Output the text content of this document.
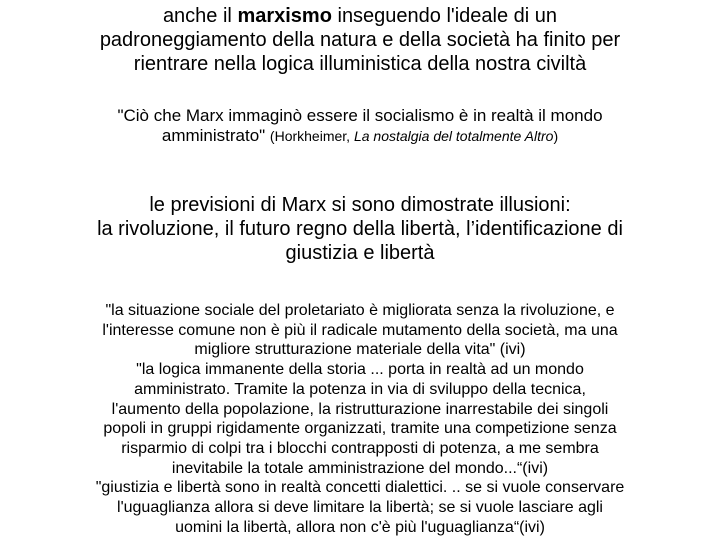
anche il marxismo inseguendo l'ideale di un
padroneggiamento della natura e della società ha finito per
rientrare nella logica illuministica della nostra civiltà
"Ciò che Marx immaginò essere il socialismo è in realtà il mondo
amministrato" (Horkheimer, La nostalgia del totalmente Altro)
le previsioni di Marx si sono dimostrate illusioni:
la rivoluzione, il futuro regno della libertà, l’identificazione di
giustizia e libertà
"la situazione sociale del proletariato è migliorata senza la rivoluzione, e
l'interesse comune non è più il radicale mutamento della società, ma una
migliore strutturazione materiale della vita" (ivi)
"la logica immanente della storia ... porta in realtà ad un mondo
amministrato. Tramite la potenza in via di sviluppo della tecnica,
l'aumento della popolazione, la ristrutturazione inarrestabile dei singoli
popoli in gruppi rigidamente organizzati, tramite una competizione senza
risparmio di colpi tra i blocchi contrapposti di potenza, a me sembra
inevitabile la totale amministrazione del mondo...“(ivi)
"giustizia e libertà sono in realtà concetti dialettici. .. se si vuole conservare
l'uguaglianza allora si deve limitare la libertà; se si vuole lasciare agli
uomini la libertà, allora non c'è più l'uguaglianza“(ivi)
